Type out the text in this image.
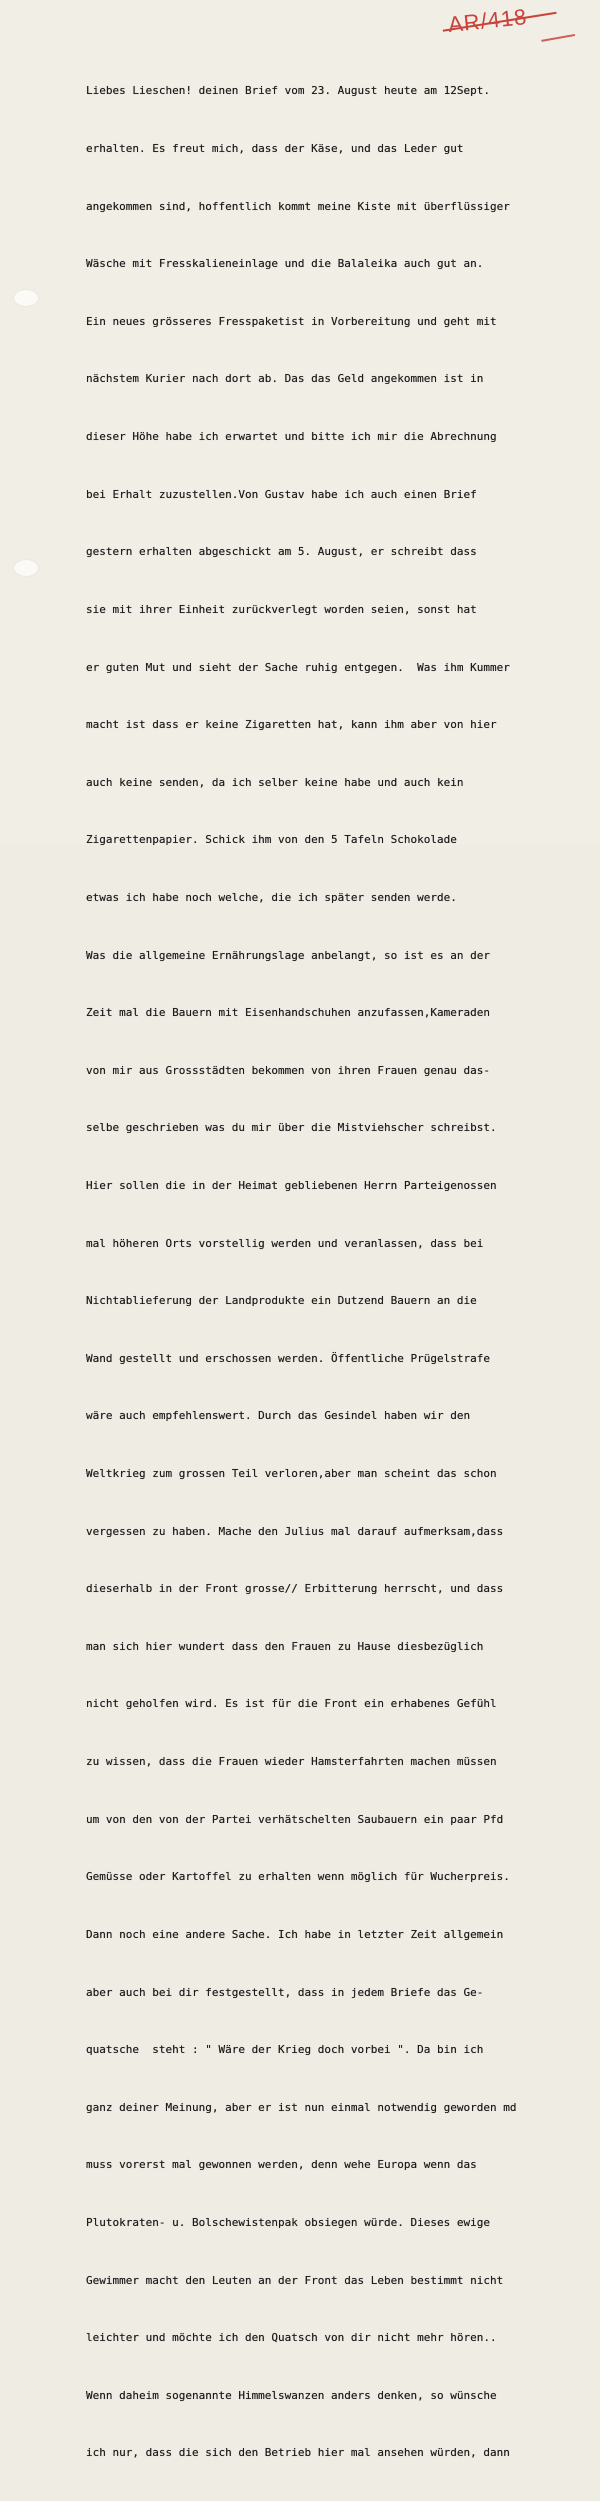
AR/418

Liebes Lieschen! deinen Brief vom 23. August heute am 12Sept.

erhalten. Es freut mich, dass der Käse, und das Leder gut

angekommen sind, hoffentlich kommt meine Kiste mit überflüssiger

Wäsche mit Fresskalieneinlage und die Balaleika auch gut an.

Ein neues grösseres Fresspaketist in Vorbereitung und geht mit

nächstem Kurier nach dort ab. Das das Geld angekommen ist in

dieser Höhe habe ich erwartet und bitte ich mir die Abrechnung

bei Erhalt zuzustellen.Von Gustav habe ich auch einen Brief

gestern erhalten abgeschickt am 5. August, er schreibt dass

sie mit ihrer Einheit zurückverlegt worden seien, sonst hat

er guten Mut und sieht der Sache ruhig entgegen.  Was ihm Kummer

macht ist dass er keine Zigaretten hat, kann ihm aber von hier

auch keine senden, da ich selber keine habe und auch kein

Zigarettenpapier. Schick ihm von den 5 Tafeln Schokolade

etwas ich habe noch welche, die ich später senden werde.

Was die allgemeine Ernährungslage anbelangt, so ist es an der

Zeit mal die Bauern mit Eisenhandschuhen anzufassen,Kameraden

von mir aus Grossstädten bekommen von ihren Frauen genau das-

selbe geschrieben was du mir über die Mistviehscher schreibst.

Hier sollen die in der Heimat gebliebenen Herrn Parteigenossen

mal höheren Orts vorstellig werden und veranlassen, dass bei

Nichtablieferung der Landprodukte ein Dutzend Bauern an die

Wand gestellt und erschossen werden. Öffentliche Prügelstrafe

wäre auch empfehlenswert. Durch das Gesindel haben wir den

Weltkrieg zum grossen Teil verloren,aber man scheint das schon

vergessen zu haben. Mache den Julius mal darauf aufmerksam,dass

dieserhalb in der Front grosse// Erbitterung herrscht, und dass

man sich hier wundert dass den Frauen zu Hause diesbezüglich

nicht geholfen wird. Es ist für die Front ein erhabenes Gefühl

zu wissen, dass die Frauen wieder Hamsterfahrten machen müssen

um von den von der Partei verhätschelten Saubauern ein paar Pfd

Gemüsse oder Kartoffel zu erhalten wenn möglich für Wucherpreis.

Dann noch eine andere Sache. Ich habe in letzter Zeit allgemein

aber auch bei dir festgestellt, dass in jedem Briefe das Ge-

quatsche  steht : " Wäre der Krieg doch vorbei ". Da bin ich

ganz deiner Meinung, aber er ist nun einmal notwendig geworden md

muss vorerst mal gewonnen werden, denn wehe Europa wenn das

Plutokraten- u. Bolschewistenpak obsiegen würde. Dieses ewige

Gewimmer macht den Leuten an der Front das Leben bestimmt nicht

leichter und möchte ich den Quatsch von dir nicht mehr hören..

Wenn daheim sogenannte Himmelswanzen anders denken, so wünsche

ich nur, dass die sich den Betrieb hier mal ansehen würden, dann
